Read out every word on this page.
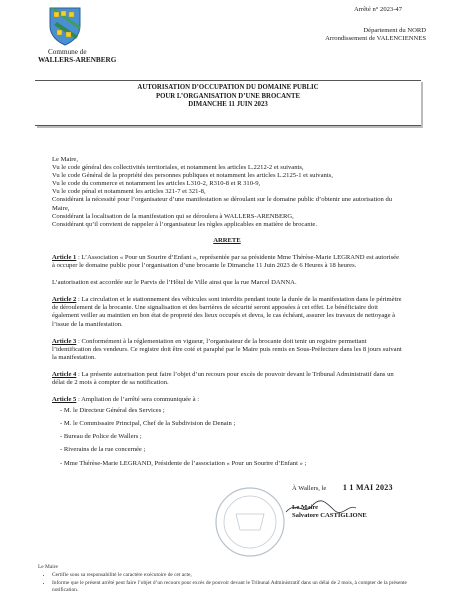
Commune de
WALLERS-ARENBERG
Arrêté n° 2023-47
Département du NORD
Arrondissement de VALENCIENNES
AUTORISATION D’OCCUPATION DU DOMAINE PUBLIC
POUR L’ORGANISATION D’UNE BROCANTE
DIMANCHE 11 JUIN 2023

Le Maire,

Vu le code général des collectivités territoriales, et notamment les articles L.2212-2 et suivants,

Vu le code Général de la propriété des personnes publiques et notamment les articles L.2125-1 et suivants,

Vu le code du commerce et notamment les articles L310-2, R310-8 et R 310-9,

Vu le code pénal et notamment les articles 321-7 et 321-8,

Considérant la nécessité pour l’organisateur d’une manifestation se déroulant sur le domaine public d’obtenir une autorisation du Maire,

Considérant la localisation de la manifestation qui se déroulera à WALLERS-ARENBERG,

Considérant qu’il convient de rappeler à l’organisateur les règles applicables en matière de brocante.

ARRETE

Article 1 : L’Association « Pour un Sourire d’Enfant », représentée par sa présidente Mme Thérèse-Marie LEGRAND est autorisée à occuper le domaine public pour l’organisation d’une brocante le Dimanche 11 Juin 2023 de 6 Heures à 18 heures.

L’autorisation est accordée sur le Parvis de l’Hôtel de Ville ainsi que la rue Marcel DANNA.

Article 2 : La circulation et le stationnement des véhicules sont interdits pendant toute la durée de la manifestation dans le périmètre de déroulement de la brocante. Une signalisation et des barrières de sécurité seront apposées à cet effet. Le bénéficiaire doit également veiller au maintien en bon état de propreté des lieux occupés et devra, le cas échéant, assurer les travaux de nettoyage à l’issue de la manifestation.

Article 3 : Conformément à la réglementation en vigueur, l’organisateur de la brocante doit tenir un registre permettant l’identification des vendeurs. Ce registre doit être coté et paraphé par le Maire puis remis en Sous-Préfecture dans les 8 jours suivant la manifestation.

Article 4 : La présente autorisation peut faire l’objet d’un recours pour excès de pouvoir devant le Tribunal Administratif dans un délai de 2 mois à compter de sa notification.

Article 5 : Ampliation de l’arrêté sera communiquée à :

- M. le Directeur Général des Services ;
- M. le Commissaire Principal, Chef de la Subdivision de Denain ;
- Bureau de Police de Wallers ;
- Riverains de la rue concernée ;
- Mme Thérèse-Marie LEGRAND, Présidente de l’association « Pour un Sourire d’Enfant » ;
À Wallers, le 1 1 MAI 2023
Le Maire
Salvatore CASTIGLIONE

Le Maire

• Certifie sous sa responsabilité le caractère exécutoire de cet acte,
• Informe que le présent arrêté peut faire l’objet d’un recours pour excès de pouvoir devant le Tribunal Administratif dans un délai de 2 mois, à compter de la présente notification.
